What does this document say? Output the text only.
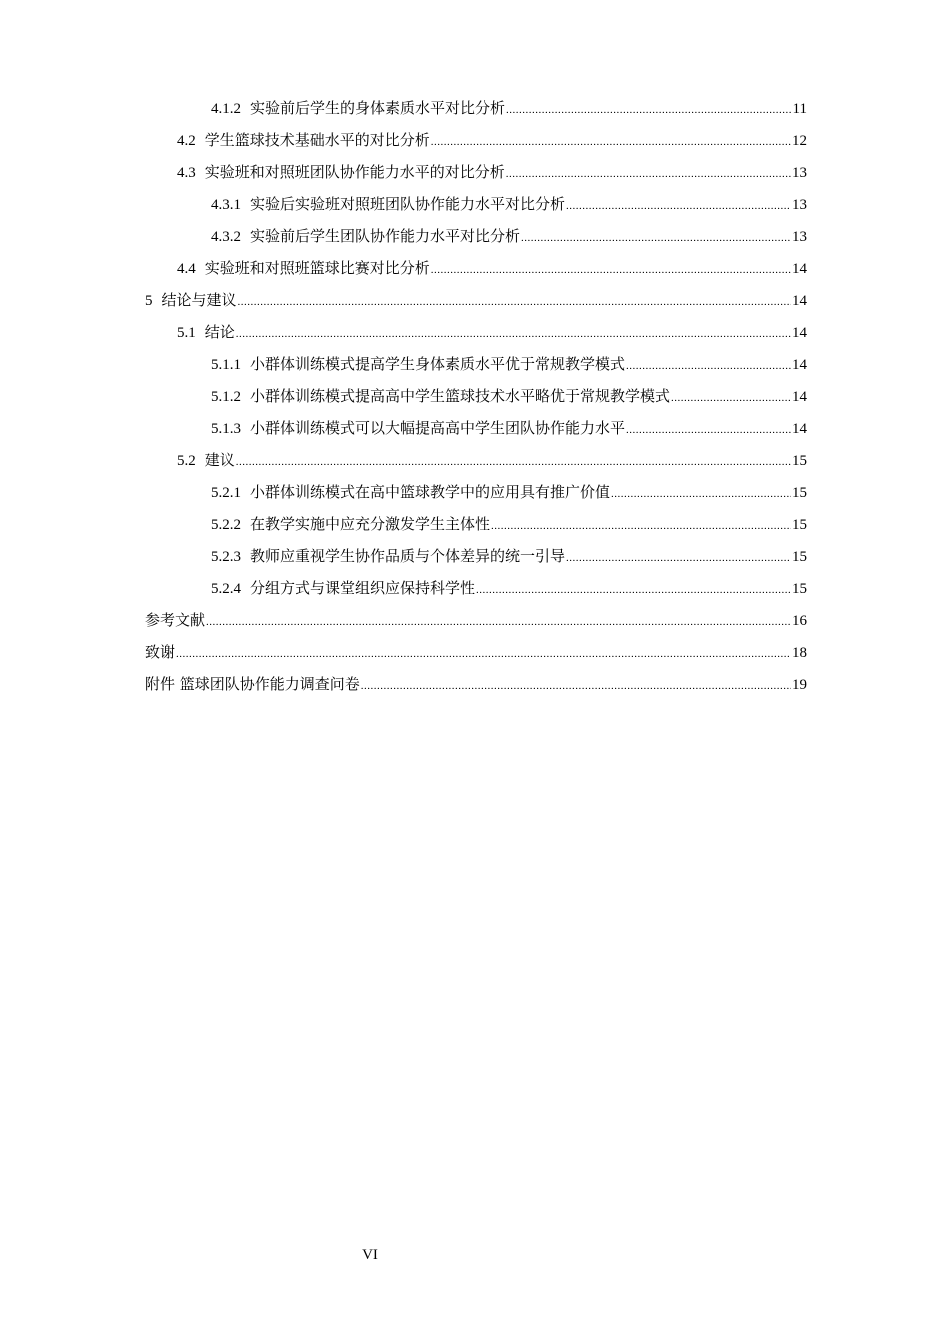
4.1.2 实验前后学生的身体素质水平对比分析 .....	11
4.2 学生篮球技术基础水平的对比分析 .....	12
4.3 实验班和对照班团队协作能力水平的对比分析 .....	13
4.3.1 实验后实验班对照班团队协作能力水平对比分析 .....	13
4.3.2 实验前后学生团队协作能力水平对比分析 .....	13
4.4 实验班和对照班篮球比赛对比分析 .....	14
5 结论与建议 .....	14
5.1 结论 .....	14
5.1.1 小群体训练模式提高学生身体素质水平优于常规教学模式 .....	14
5.1.2 小群体训练模式提高高中学生篮球技术水平略优于常规教学模式 .....	14
5.1.3 小群体训练模式可以大幅提高高中学生团队协作能力水平 .....	14
5.2 建议 .....	15
5.2.1 小群体训练模式在高中篮球教学中的应用具有推广价值 .....	15
5.2.2 在教学实施中应充分激发学生主体性 .....	15
5.2.3 教师应重视学生协作品质与个体差异的统一引导 .....	15
5.2.4 分组方式与课堂组织应保持科学性 .....	15
参考文献 .....	16
致谢 .....	18
附件 篮球团队协作能力调查问卷 .....	19
VI
